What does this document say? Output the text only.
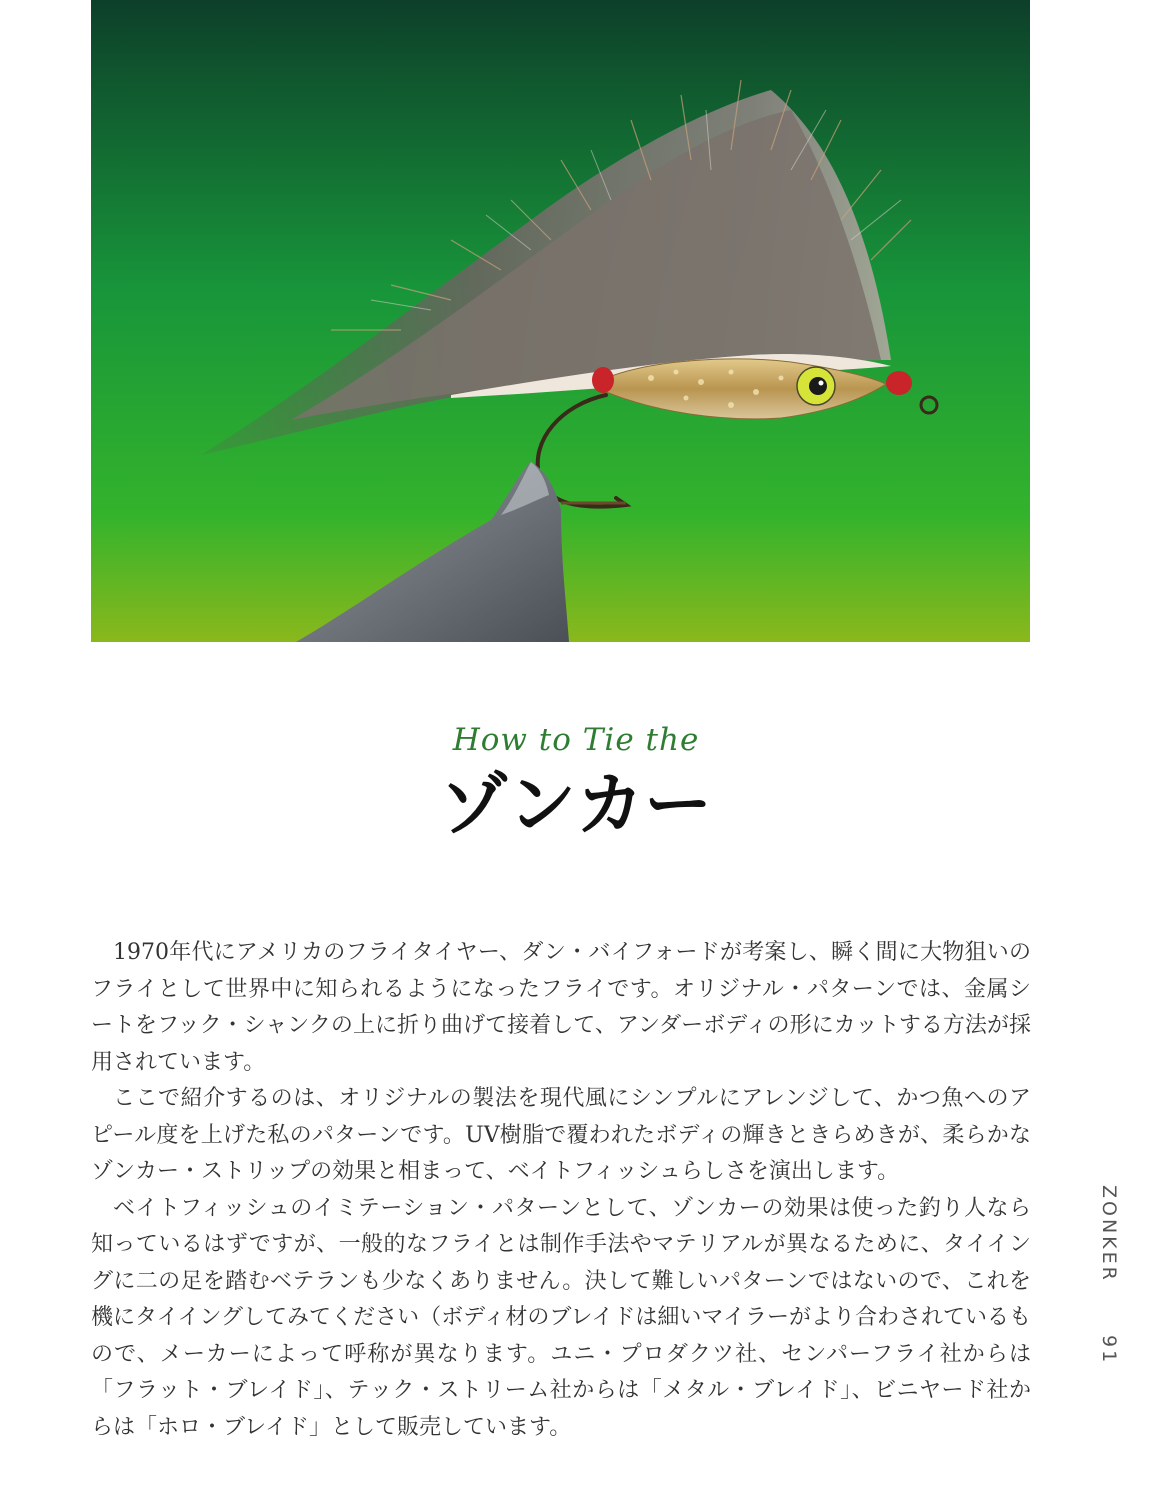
How to Tie the
ゾンカー

1970年代にアメリカのフライタイヤー、ダン・バイフォードが考案し、瞬く間に大物狙いのフライとして世界中に知られるようになったフライです。オリジナル・パターンでは、金属シートをフック・シャンクの上に折り曲げて接着して、アンダーボディの形にカットする方法が採用されています。

ここで紹介するのは、オリジナルの製法を現代風にシンプルにアレンジして、かつ魚へのアピール度を上げた私のパターンです。UV樹脂で覆われたボディの輝きときらめきが、柔らかなゾンカー・ストリップの効果と相まって、ベイトフィッシュらしさを演出します。

ベイトフィッシュのイミテーション・パターンとして、ゾンカーの効果は使った釣り人なら知っているはずですが、一般的なフライとは制作手法やマテリアルが異なるために、タイイングに二の足を踏むベテランも少なくありません。決して難しいパターンではないので、これを機にタイイングしてみてください（ボディ材のブレイドは細いマイラーがより合わされているもので、メーカーによって呼称が異なります。ユニ・プロダクツ社、センパーフライ社からは「フラット・ブレイド」、テック・ストリーム社からは「メタル・ブレイド」、ビニヤード社からは「ホロ・ブレイド」として販売しています。

ZONKER
91
